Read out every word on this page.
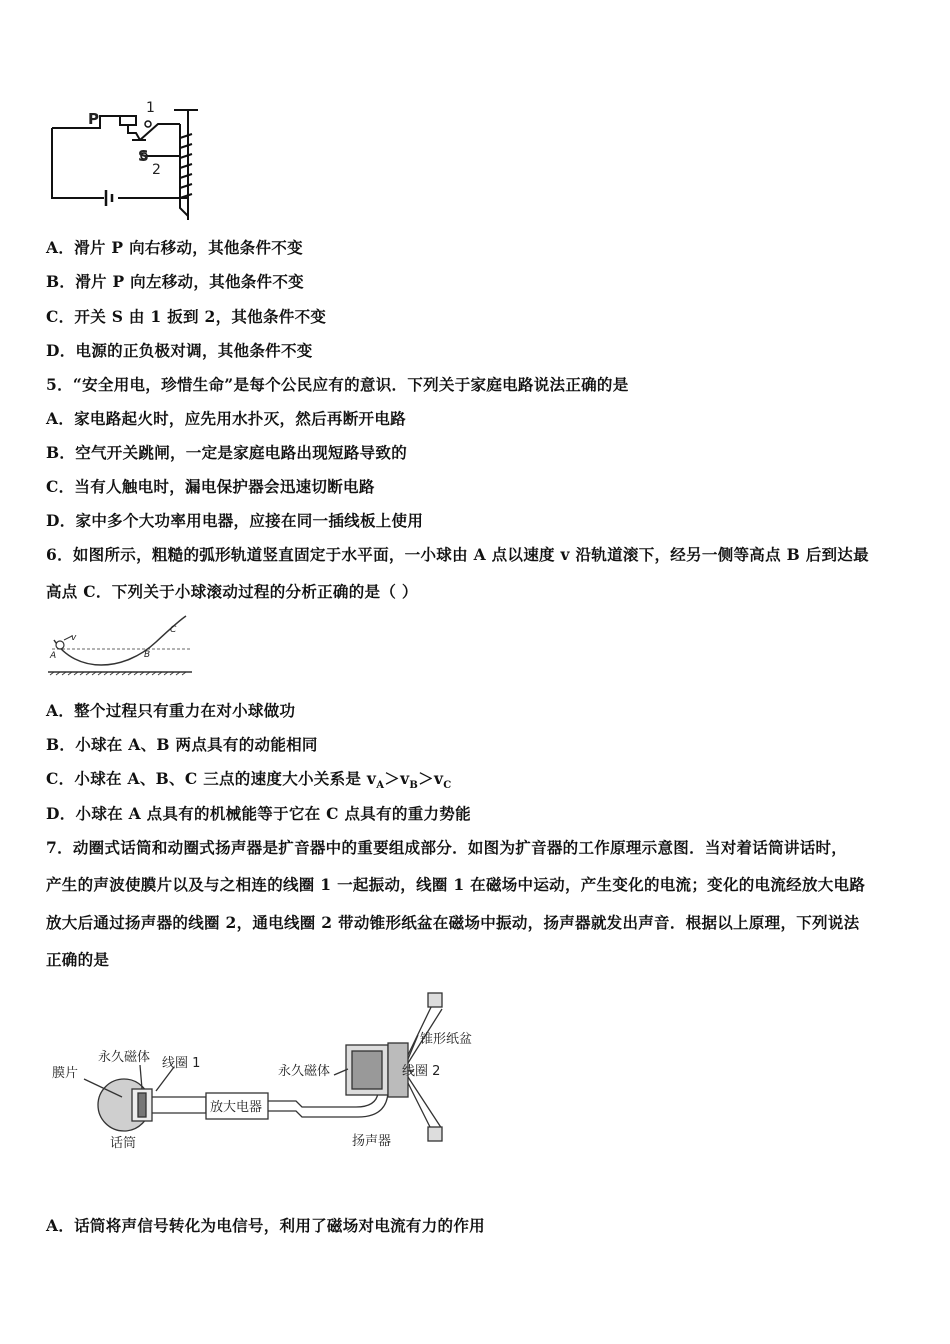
P
1
S
2
A．滑片 P 向右移动，其他条件不变
B．滑片 P 向左移动，其他条件不变
C．开关 S 由 1 扳到 2，其他条件不变
D．电源的正负极对调，其他条件不变
5．“安全用电，珍惜生命”是每个公民应有的意识．下列关于家庭电路说法正确的是
A．家电路起火时，应先用水扑灭，然后再断开电路
B．空气开关跳闸，一定是家庭电路出现短路导致的
C．当有人触电时，漏电保护器会迅速切断电路
D．家中多个大功率用电器，应接在同一插线板上使用
6．如图所示，粗糙的弧形轨道竖直固定于水平面，一小球由 A 点以速度 v 沿轨道滚下，经另一侧等高点 B 后到达最
高点 C．下列关于小球滚动过程的分析正确的是（ ）
A
v
B
C
A．整个过程只有重力在对小球做功
B．小球在 A、B 两点具有的动能相同
C．小球在 A、B、C 三点的速度大小关系是 $v_A>v_B>v_C$
D．小球在 A 点具有的机械能等于它在 C 点具有的重力势能
7．动圈式话筒和动圈式扬声器是扩音器中的重要组成部分．如图为扩音器的工作原理示意图．当对着话筒讲话时，
产生的声波使膜片以及与之相连的线圈 1 一起振动，线圈 1 在磁场中运动，产生变化的电流；变化的电流经放大电路
放大后通过扬声器的线圈 2，通电线圈 2 带动锥形纸盆在磁场中振动，扬声器就发出声音．根据以上原理，下列说法
正确的是
膜片
永久磁体 线圈 1
话筒
放大电器
永久磁体
锥形纸盆
线圈 2
扬声器
A．话筒将声信号转化为电信号，利用了磁场对电流有力的作用
